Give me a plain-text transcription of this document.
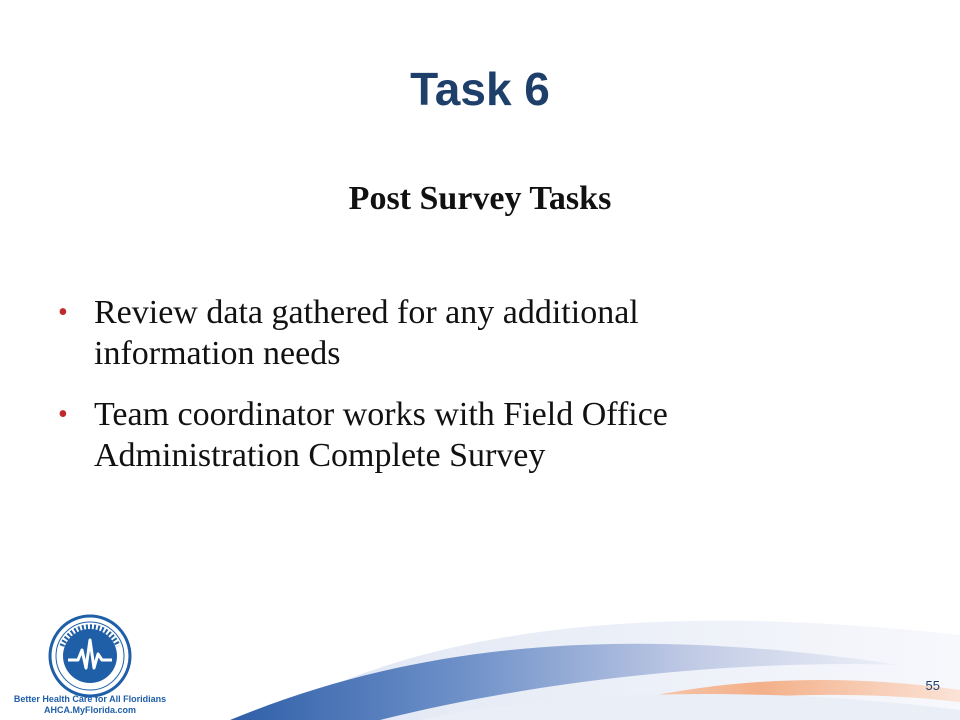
Task 6
Post Survey Tasks
• Review data gathered for any additional
information needs
• Team coordinator works with Field Office
Administration Complete Survey
Better Health Care for All Floridians
AHCA.MyFlorida.com
55
